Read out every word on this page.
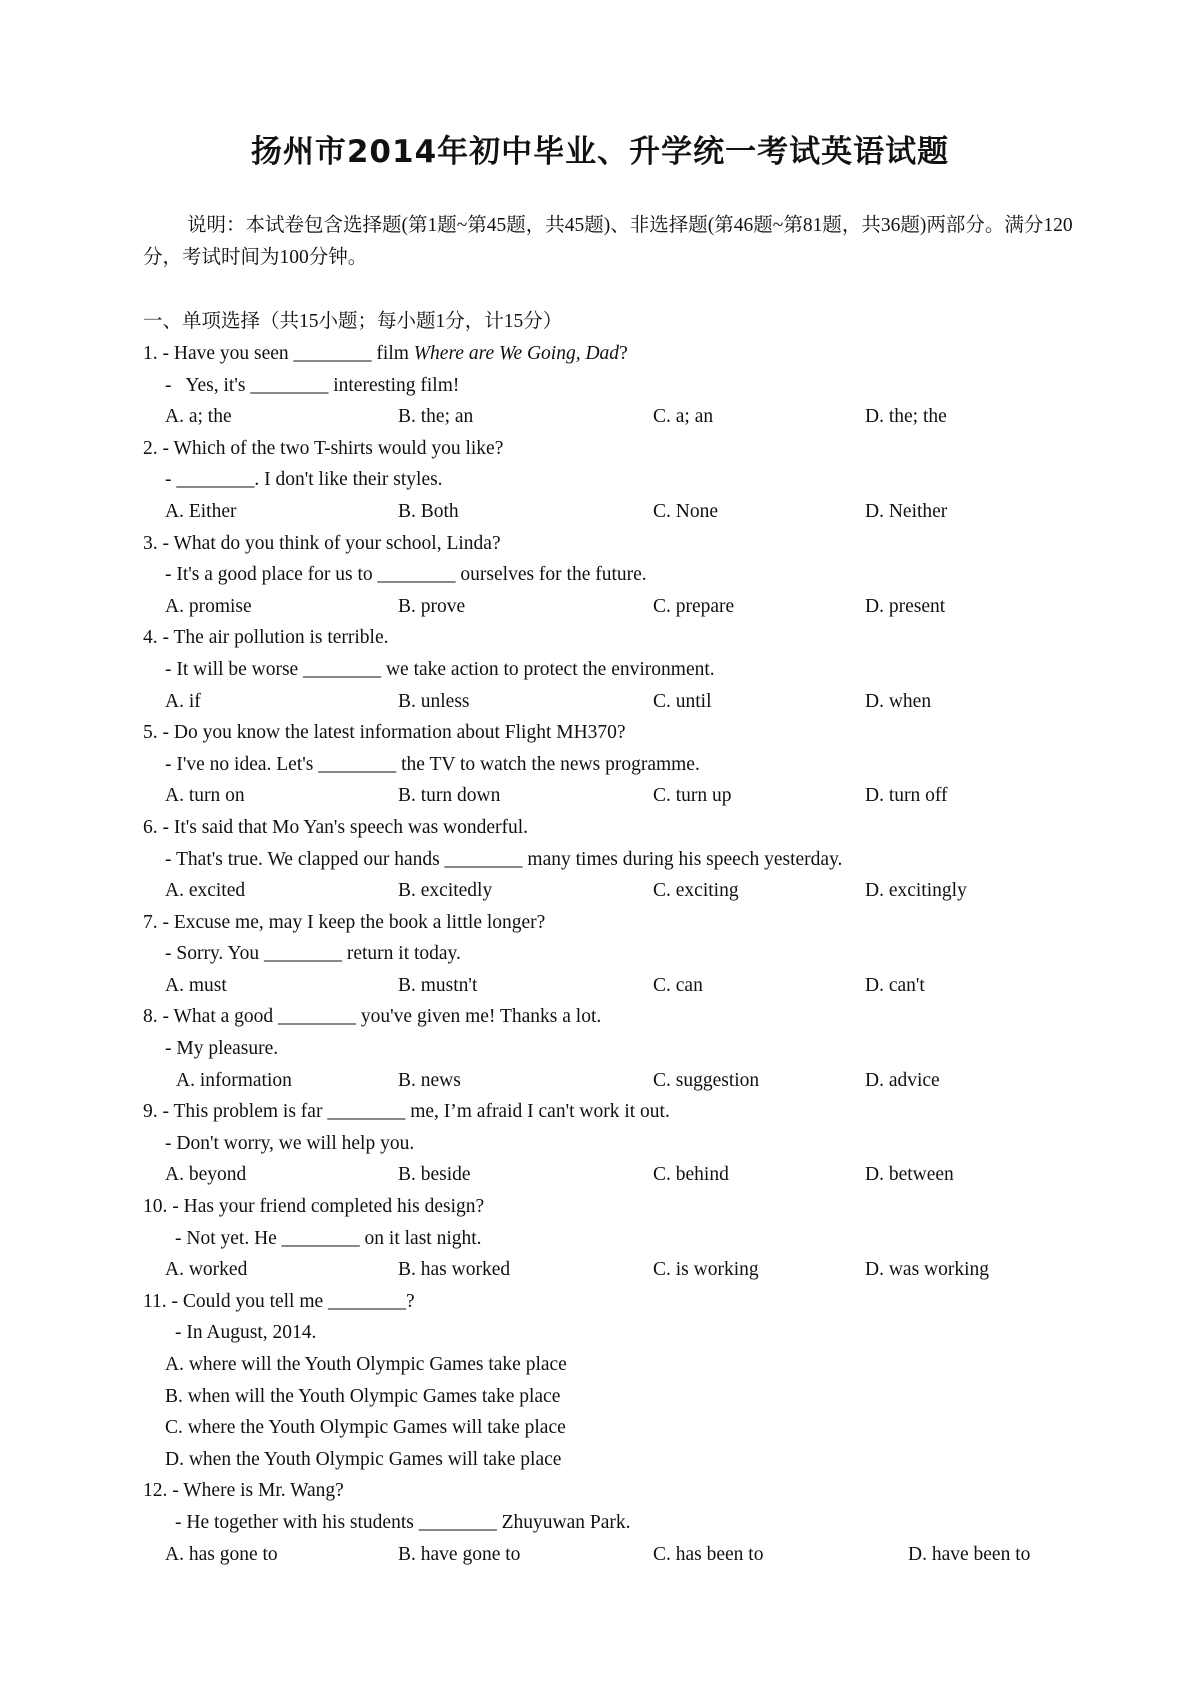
扬州市2014年初中毕业、升学统一考试英语试题

说明：本试卷包含选择题(第1题~第45题，共45题)、非选择题(第46题~第81题，共36题)两部分。满分120分，考试时间为100分钟。

一、单项选择（共15小题；每小题1分，计15分）
1. - Have you seen ________ film Where are We Going, Dad?
-   Yes, it's ________ interesting film!
A. a; the	B. the; an	C. a; an	D. the; the
2. - Which of the two T-shirts would you like?
- ________. I don't like their styles.
A. Either	B. Both	C. None	D. Neither
3. - What do you think of your school, Linda?
- It's a good place for us to ________ ourselves for the future.
A. promise	B. prove	C. prepare	D. present
4. - The air pollution is terrible.
- It will be worse ________ we take action to protect the environment.
A. if	B. unless	C. until	D. when
5. - Do you know the latest information about Flight MH370?
- I've no idea. Let's ________ the TV to watch the news programme.
A. turn on	B. turn down	C. turn up	D. turn off
6. - It's said that Mo Yan's speech was wonderful.
- That's true. We clapped our hands ________ many times during his speech yesterday.
A. excited	B. excitedly	C. exciting	D. excitingly
7. - Excuse me, may I keep the book a little longer?
- Sorry. You ________ return it today.
A. must	B. mustn't	C. can	D. can't
8. - What a good ________ you've given me! Thanks a lot.
- My pleasure.
A. information	B. news	C. suggestion	D. advice
9. - This problem is far ________ me, I’m afraid I can't work it out.
- Don't worry, we will help you.
A. beyond	B. beside	C. behind	D. between
10. - Has your friend completed his design?
- Not yet. He ________ on it last night.
A. worked	B. has worked	C. is working	D. was working
11. - Could you tell me ________?
- In August, 2014.
A. where will the Youth Olympic Games take place
B. when will the Youth Olympic Games take place
C. where the Youth Olympic Games will take place
D. when the Youth Olympic Games will take place
12. - Where is Mr. Wang?
- He together with his students ________ Zhuyuwan Park.
A. has gone to	B. have gone to	C. has been to	D. have been to
